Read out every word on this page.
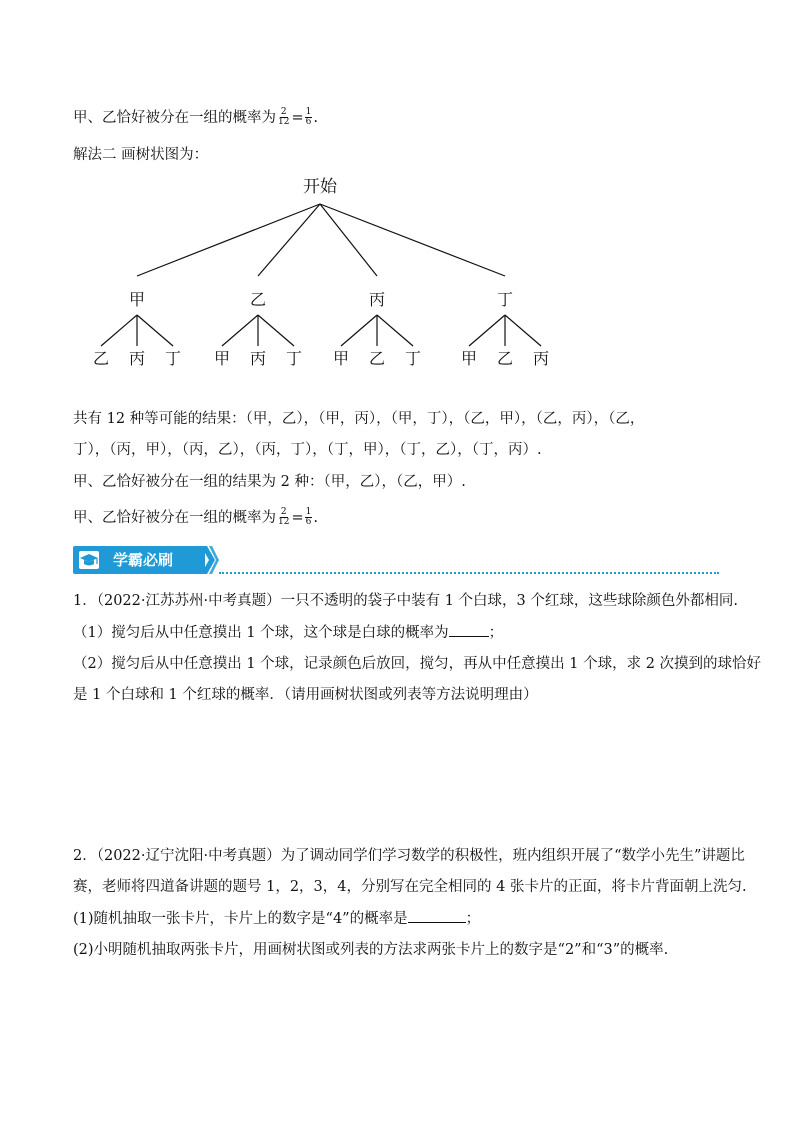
甲、乙恰好被分在一组的概率为 $\frac{2}{12} = \frac{1}{6}$ .
解法二 画树状图为：
开始
甲
乙 丙 丁
乙
甲 丙 丁
丙
甲 乙 丁
丁
甲 乙 丙
共有 12 种等可能的结果：（甲，乙），（甲，丙），（甲，丁），（乙，甲），（乙，丙），（乙，
丁），（丙，甲），（丙，乙），（丙，丁），（丁，甲），（丁，乙），（丁，丙）.
甲、乙恰好被分在一组的结果为 2 种：（甲，乙），（乙，甲）.
甲、乙恰好被分在一组的概率为 $\frac{2}{12} = \frac{1}{6}$ .
学霸必刷
1．（2022·江苏苏州·中考真题）一只不透明的袋子中装有 1 个白球，3 个红球，这些球除颜色外都相同.
（1）搅匀后从中任意摸出 1 个球，这个球是白球的概率为	；
（2）搅匀后从中任意摸出 1 个球，记录颜色后放回，搅匀，再从中任意摸出 1 个球，求 2 次摸到的球恰好
是 1 个白球和 1 个红球的概率．（请用画树状图或列表等方法说明理由）
2．（2022·辽宁沈阳·中考真题）为了调动同学们学习数学的积极性，班内组织开展了“数学小先生”讲题比
赛，老师将四道备讲题的题号 1，2，3，4，分别写在完全相同的 4 张卡片的正面，将卡片背面朝上洗匀.
(1)随机抽取一张卡片，卡片上的数字是“4”的概率是	；
(2)小明随机抽取两张卡片，用画树状图或列表的方法求两张卡片上的数字是“2”和“3”的概率.
